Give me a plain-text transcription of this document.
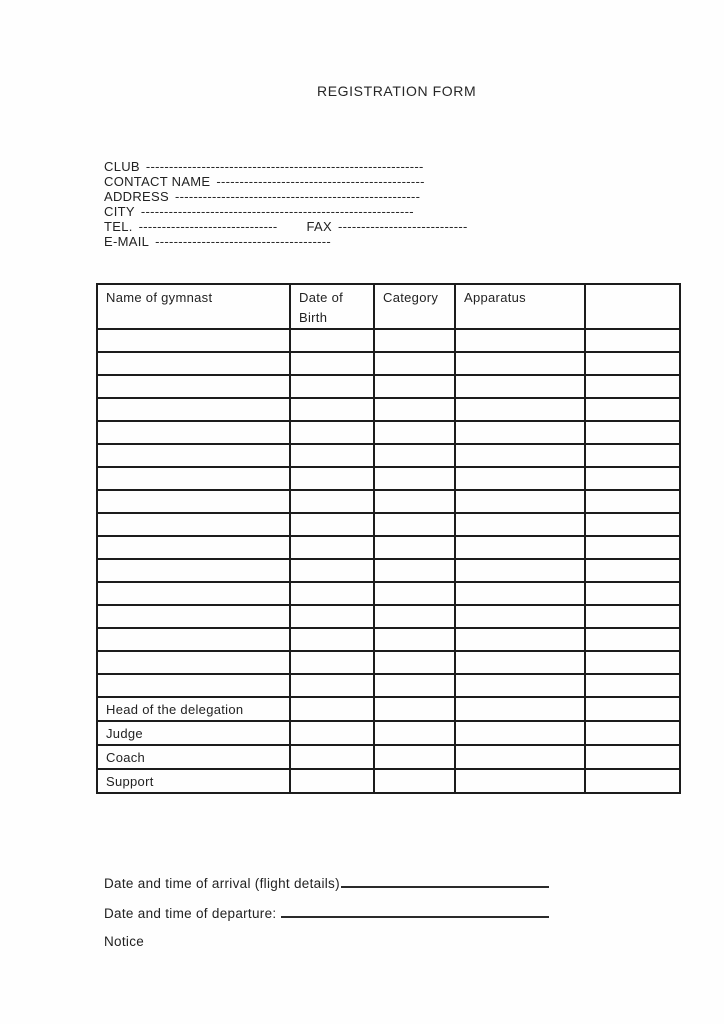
REGISTRATION FORM
CLUB ------------------------------------------------------------
CONTACT NAME ---------------------------------------------
ADDRESS -----------------------------------------------------
CITY -----------------------------------------------------------
TEL. ------------------------------ FAX ----------------------------
E-MAIL --------------------------------------
Name of gymnast	Date of Birth	Category	Apparatus	

Head of the delegation				
Judge				
Coach				
Support				
Date and time of arrival (flight details)
Date and time of departure:
Notice
